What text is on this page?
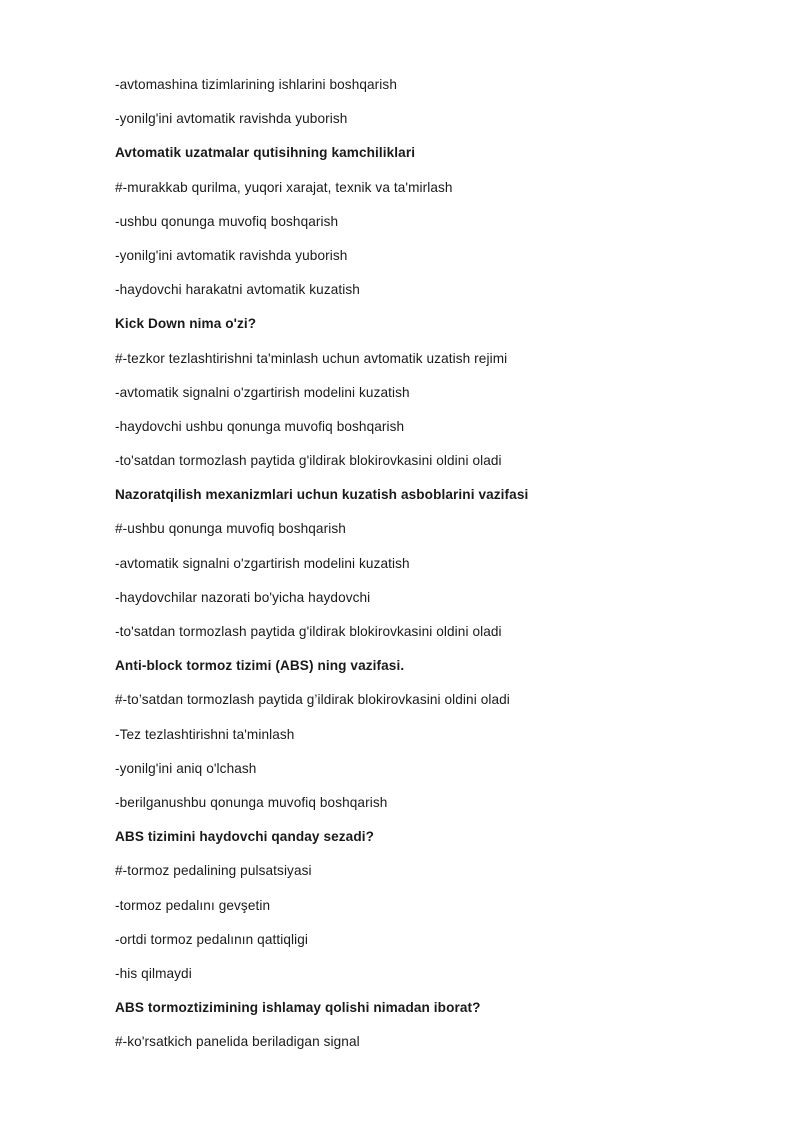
-avtomashina tizimlarining ishlarini boshqarish
-yonilg'ini avtomatik ravishda yuborish
Avtomatik uzatmalar qutisihning kamchiliklari
#-murakkab qurilma, yuqori xarajat, texnik va ta'mirlash
-ushbu qonunga muvofiq boshqarish
-yonilg'ini avtomatik ravishda yuborish
-haydovchi harakatni avtomatik kuzatish
Kick Down nima o'zi?
#-tezkor tezlashtirishni ta'minlash uchun avtomatik uzatish rejimi
-avtomatik signalni o'zgartirish modelini kuzatish
-haydovchi ushbu qonunga muvofiq boshqarish
-to'satdan tormozlash paytida g'ildirak blokirovkasini oldini oladi
Nazoratqilish mexanizmlari uchun kuzatish asboblarini vazifasi
#-ushbu qonunga muvofiq boshqarish
-avtomatik signalni o'zgartirish modelini kuzatish
-haydovchilar nazorati bo'yicha haydovchi
-to'satdan tormozlash paytida g'ildirak blokirovkasini oldini oladi
Anti-block tormoz tizimi (ABS) ning vazifasi.
#-to’satdan tormozlash paytida g’ildirak blokirovkasini oldini oladi
-Tez tezlashtirishni ta'minlash
-yonilg'ini aniq o'lchash
-berilganushbu qonunga muvofiq boshqarish
ABS tizimini haydovchi qanday sezadi?
#-tormoz pedalining pulsatsiyasi
-tormoz pedalını gevşetin
-ortdi tormoz pedalının qattiqligi
-his qilmaydi
ABS tormoztizimining ishlamay qolishi nimadan iborat?
#-ko'rsatkich panelida beriladigan signal
